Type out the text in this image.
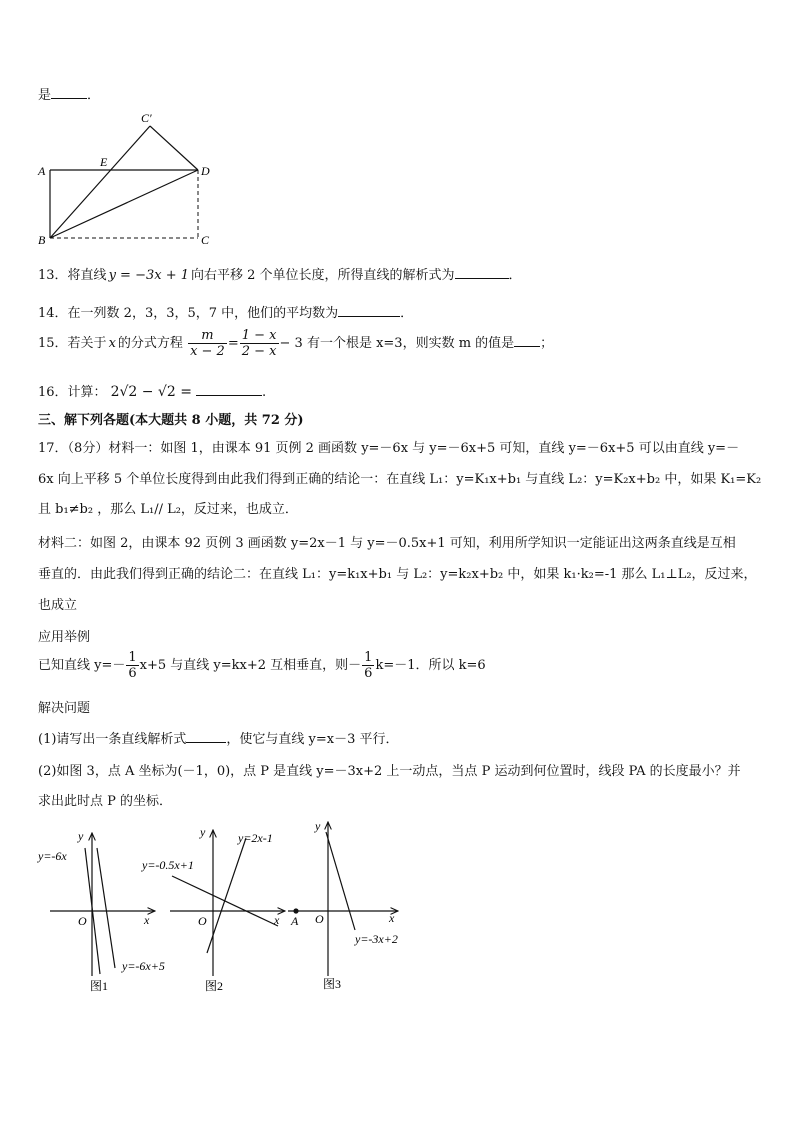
是	．
C′
A
E
D
B	C
13．将直线 y = −3x + 1 向右平移 2 个单位长度，所得直线的解析式为	．
14．在一列数 2，3，3，5，7 中，他们的平均数为	．
15．若关于 x 的分式方程 $\frac{m}{x - 2} = \frac{1 - x}{2 - x} - 3$ 有一个根是 x=3，则实数 m 的值是 ；
16．计算： 2√2 − √2 =	.
三、解下列各题(本大题共 8 小题，共 72 分)
17．（8分）材料一：如图 1，由课本 91 页例 2 画函数 y=－6x 与 y=－6x+5 可知，直线 y=－6x+5 可以由直线 y=－
6x 向上平移 5 个单位长度得到由此我们得到正确的结论一：在直线 L₁：y=K₁x+b₁ 与直线 L₂：y=K₂x+b₂ 中，如果 K₁=K₂
且 b₁≠b₂ ，那么 L₁// L₂，反过来，也成立．
材料二：如图 2，由课本 92 页例 3 画函数 y=2x－1 与 y=－0.5x+1 可知，利用所学知识一定能证出这两条直线是互相
垂直的．由此我们得到正确的结论二：在直线 L₁：y=k₁x+b₁ 与 L₂：y=k₂x+b₂ 中，如果 k₁·k₂=-1 那么 L₁⊥L₂，反过来，
也成立
应用举例
已知直线 $y=- \frac{1}{6} x+5$ 与直线 y=kx+2 互相垂直，则－ $\frac{1}{6} k=-1$．所以 k=6
解决问题
(1)请写出一条直线解析式	，使它与直线 y=x－3 平行．
(2)如图 3，点 A 坐标为(－1，0)，点 P 是直线 y=－3x+2 上一动点，当点 P 运动到何位置时，线段 PA 的长度最小？并
求出此时点 P 的坐标．
y
x
O
y=-6x
y=-6x+5
图1
y
x
O
y=2x-1
y=-0.5x+1
图2
y
x
O
A
y=-3x+2
图3
